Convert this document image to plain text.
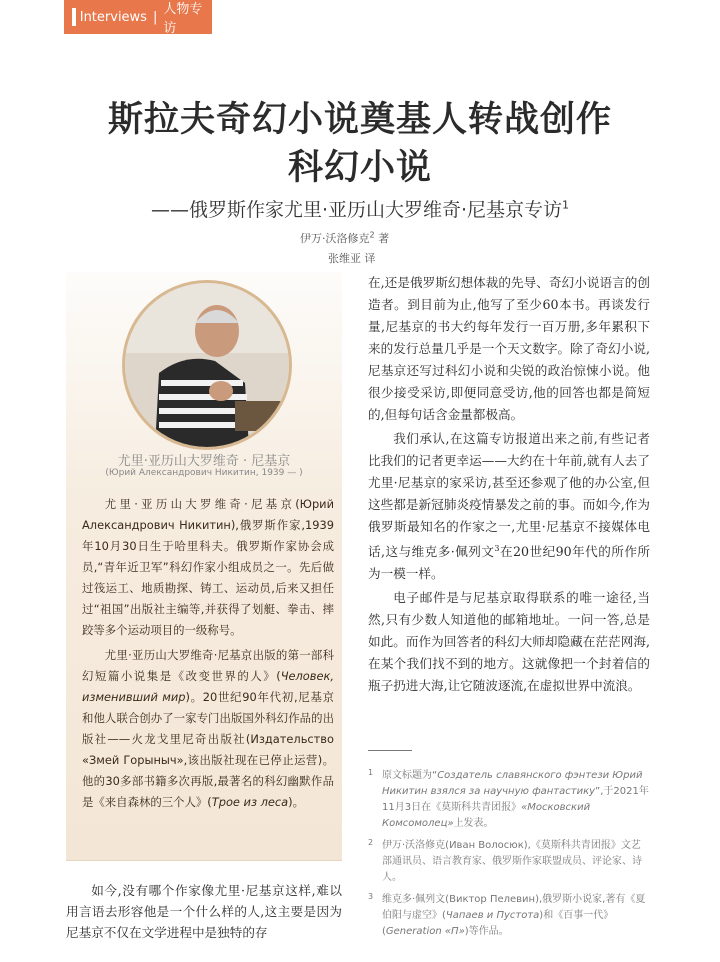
Interviews | 人物专访
斯拉夫奇幻小说奠基人转战创作
科幻小说
——俄罗斯作家尤里·亚历山大罗维奇·尼基京专访$^1$
伊万·沃洛修克$^2$ 著
张维亚 译
尤里·亚历山大罗维奇 · 尼基京
(Юрий Александрович Никитин, 1939 — )

尤里·亚历山大罗维奇·尼基京(Юрий Александрович Никитин),俄罗斯作家,1939年10月30日生于哈里科夫。俄罗斯作家协会成员,“青年近卫军”科幻作家小组成员之一。先后做过筏运工、地质勘探、铸工、运动员,后来又担任过“祖国”出版社主编等,并获得了划艇、拳击、摔跤等多个运动项目的一级称号。

尤里·亚历山大罗维奇·尼基京出版的第一部科幻短篇小说集是《改变世界的人》(Человек, изменивший мир)。20世纪90年代初,尼基京和他人联合创办了一家专门出版国外科幻作品的出版社——火龙戈里尼奇出版社(Издательство «Змей Горыныч»,该出版社现在已停止运营)。他的30多部书籍多次再版,最著名的科幻幽默作品是《来自森林的三个人》(Трое из леса)。

如今,没有哪个作家像尤里·尼基京这样,难以用言语去形容他是一个什么样的人,这主要是因为尼基京不仅在文学进程中是独特的存

在,还是俄罗斯幻想体裁的先导、奇幻小说语言的创造者。到目前为止,他写了至少60本书。再谈发行量,尼基京的书大约每年发行一百万册,多年累积下来的发行总量几乎是一个天文数字。除了奇幻小说,尼基京还写过科幻小说和尖锐的政治惊悚小说。他很少接受采访,即便同意受访,他的回答也都是简短的,但每句话含金量都极高。

我们承认,在这篇专访报道出来之前,有些记者比我们的记者更幸运——大约在十年前,就有人去了尤里·尼基京的家采访,甚至还参观了他的办公室,但这些都是新冠肺炎疫情暴发之前的事。而如今,作为俄罗斯最知名的作家之一,尤里·尼基京不接媒体电话,这与维克多·佩列文$^3$在20世纪90年代的所作所为一模一样。

电子邮件是与尼基京取得联系的唯一途径,当然,只有少数人知道他的邮箱地址。一问一答,总是如此。而作为回答者的科幻大师却隐藏在茫茫网海,在某个我们找不到的地方。这就像把一个封着信的瓶子扔进大海,让它随波逐流,在虚拟世界中流浪。

1 原文标题为“Создатель славянского фэнтези Юрий Никитин взялся за научную фантастику”,于2021年11月3日在《莫斯科共青团报》«Московский Комсомолец»上发表。
2 伊万·沃洛修克(Иван Волосюк),《莫斯科共青团报》文艺部通讯员、语言教育家、俄罗斯作家联盟成员、评论家、诗人。
3 维克多·佩列文(Виктор Пелевин),俄罗斯小说家,著有《夏伯阳与虚空》(Чапаев и Пустота)和《百事一代》(Generation «П»)等作品。
